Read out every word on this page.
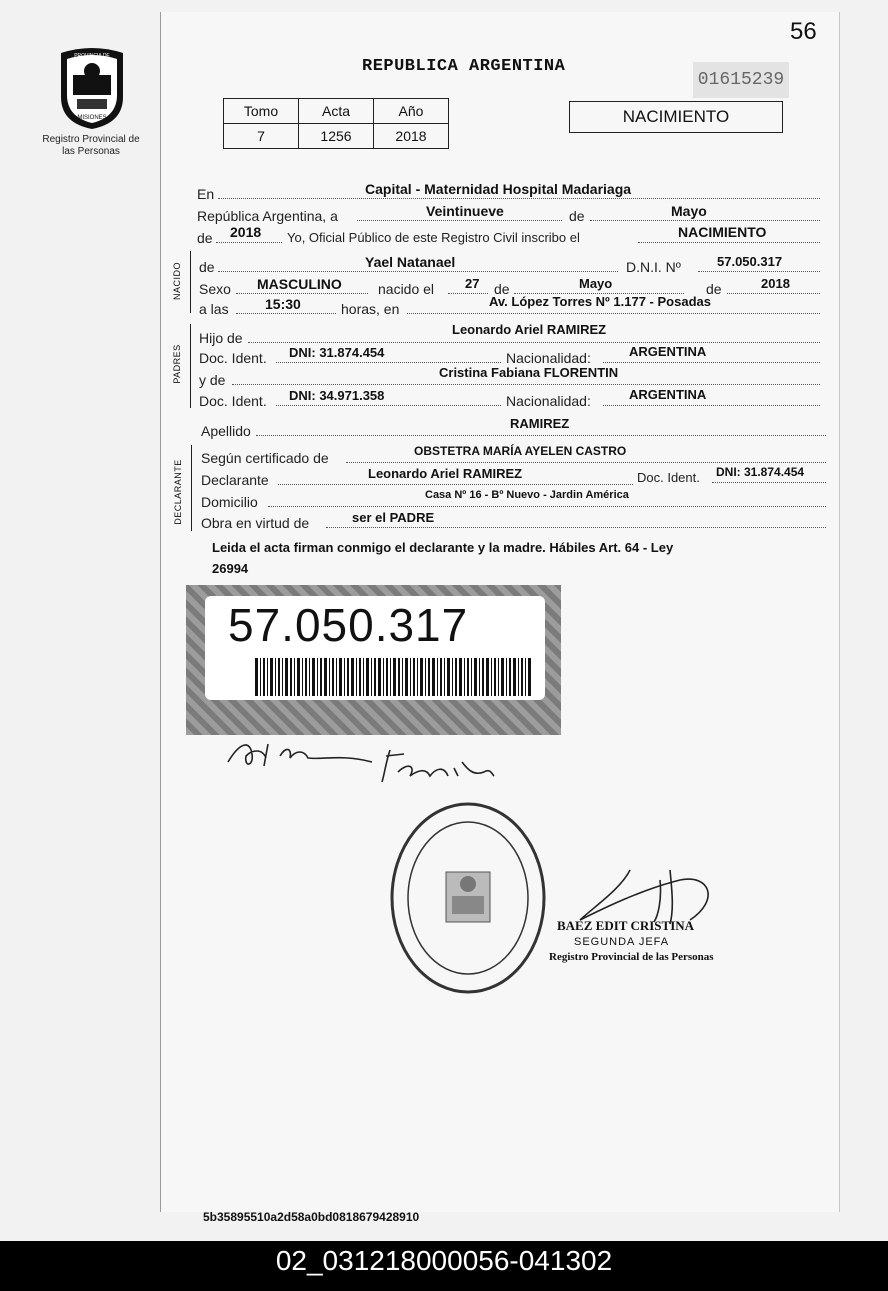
PROVINCIA DE
MISIONES
Registro Provincial de las Personas
56
REPUBLICA ARGENTINA
01615239
Tomo	Acta	Año
7	1256	2018
NACIMIENTO
En	Capital - Maternidad Hospital Madariaga
República Argentina, a	Veintinueve	de	Mayo
de 2018 Yo, Oficial Público de este Registro Civil inscribo el	NACIMIENTO
NACIDO de	Yael Natanael	D.N.I. Nº	57.050.317
Sexo MASCULINO	nacido el 27 de	Mayo	de	2018
a las	15:30	horas, en	Av. López Torres Nº 1.177 - Posadas
PADRES
Hijo de
Leonardo Ariel RAMIREZ
Doc. Ident. DNI: 31.874.454	Nacionalidad:	ARGENTINA
y de	Cristina Fabiana FLORENTIN
Doc. Ident. DNI: 34.971.358	Nacionalidad:	ARGENTINA
Apellido	RAMIREZ
DECLARANTE
Según certificado de	OBSTETRA MARÍA AYELEN CASTRO
Declarante	Leonardo Ariel RAMIREZ	Doc. Ident. DNI: 31.874.454
Domicilio	Casa Nº 16 - Bº Nuevo - Jardin América
Obra en virtud de	ser el PADRE
Leida el acta firman conmigo el declarante y la madre. Hábiles Art. 64 - Ley
26994
57.050.317
BAEZ EDIT CRISTINA
SEGUNDA JEFA
Registro Provincial de las Personas
5b35895510a2d58a0bd0818679428910
02_031218000056-041302
